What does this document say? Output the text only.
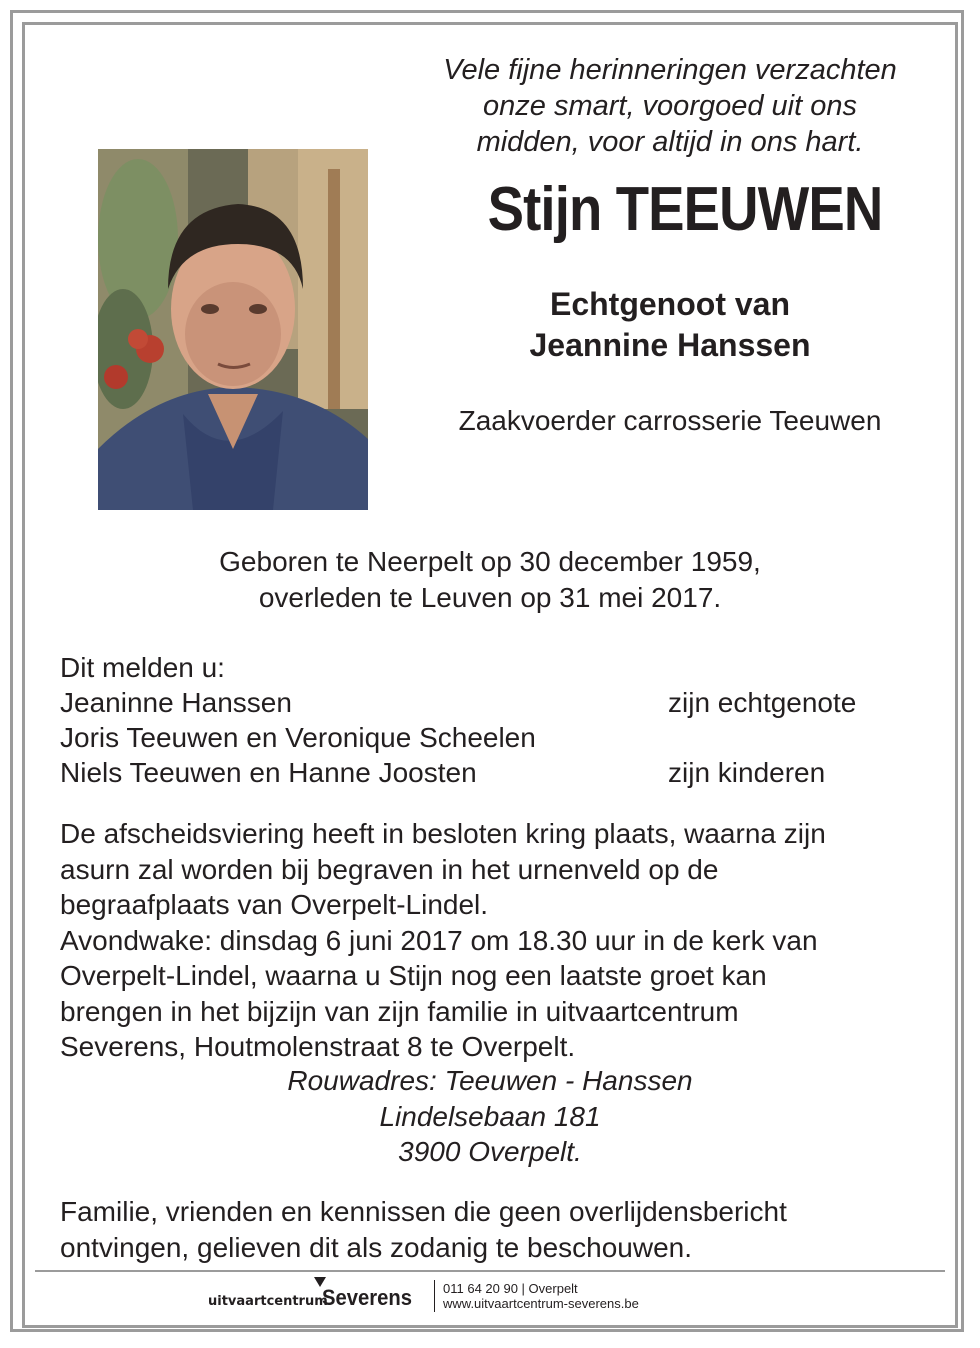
Vele fijne herinneringen verzachten
onze smart, voorgoed uit ons
midden, voor altijd in ons hart.
Stijn TEEUWEN
Echtgenoot van
Jeannine Hanssen
Zaakvoerder carrosserie Teeuwen
Geboren te Neerpelt op 30 december 1959,
overleden te Leuven op 31 mei 2017.
Dit melden u:
Jeaninne Hanssen	zijn echtgenote
Joris Teeuwen en Veronique Scheelen
Niels Teeuwen en Hanne Joosten	zijn kinderen
De afscheidsviering heeft in besloten kring plaats, waarna zijn
asurn zal worden bij begraven in het urnenveld op de
begraafplaats van Overpelt-Lindel.
Avondwake: dinsdag 6 juni 2017 om 18.30 uur in de kerk van
Overpelt-Lindel, waarna u Stijn nog een laatste groet kan
brengen in het bijzijn van zijn familie in uitvaartcentrum
Severens, Houtmolenstraat 8 te Overpelt.
Rouwadres: Teeuwen - Hanssen
Lindelsebaan 181
3900 Overpelt.
Familie, vrienden en kennissen die geen overlijdensbericht
ontvingen, gelieven dit als zodanig te beschouwen.
uitvaartcentrum
Severens 011 64 20 90 | Overpelt
www.uitvaartcentrum-severens.be
